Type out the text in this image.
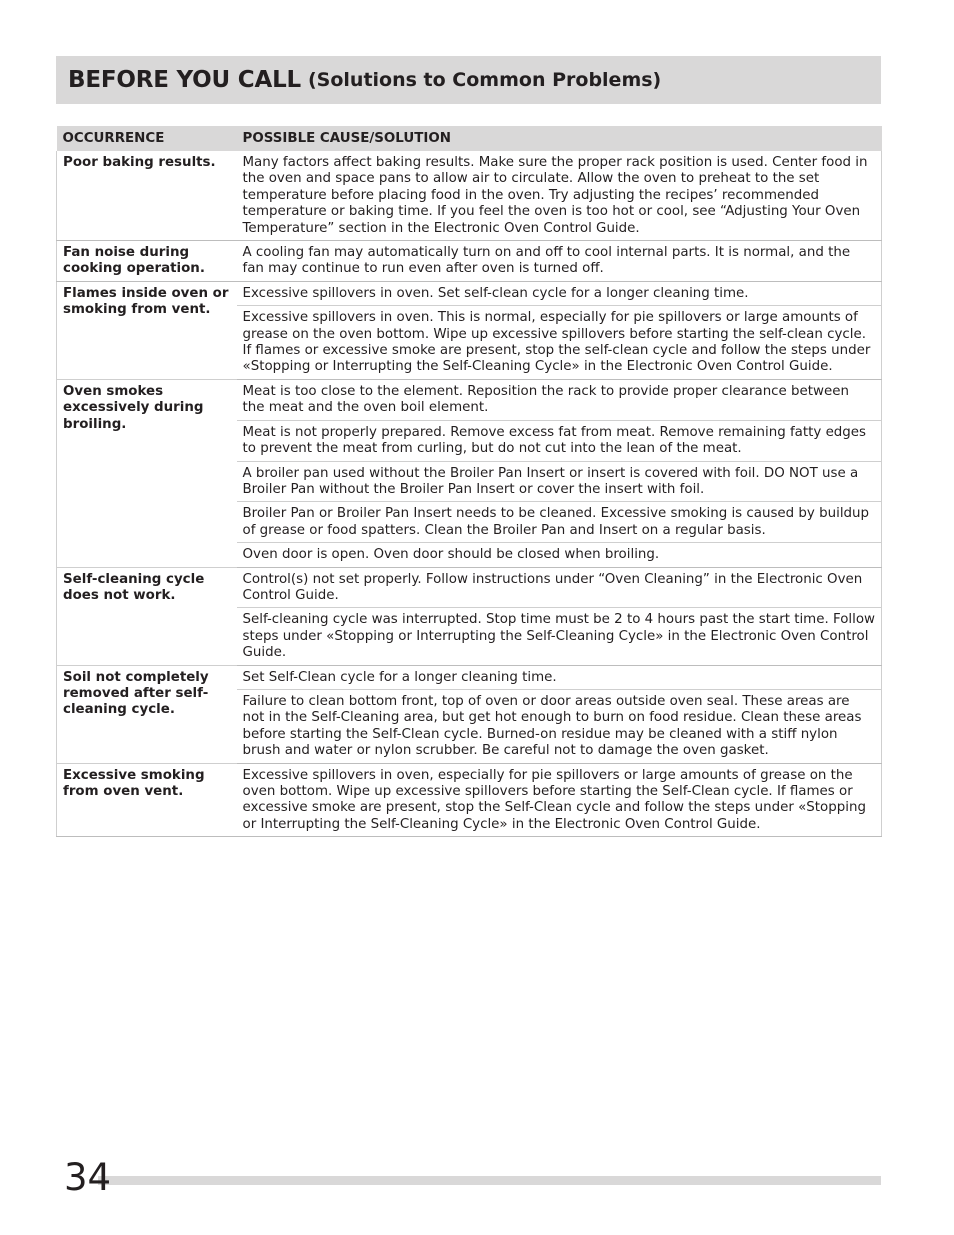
BEFORE YOU CALL (Solutions to Common Problems)
OCCURRENCE	POSSIBLE CAUSE/SOLUTION
Poor baking results.	Many factors affect baking results. Make sure the proper rack position is used. Center food in the oven and space pans to allow air to circulate. Allow the oven to preheat to the set temperature before placing food in the oven. Try adjusting the recipes’ recommended temperature or baking time. If you feel the oven is too hot or cool, see “Adjusting Your Oven Temperature” section in the Electronic Oven Control Guide.
Fan noise during cooking operation.	A cooling fan may automatically turn on and off to cool internal parts. It is normal, and the fan may continue to run even after oven is turned off.
Flames inside oven or smoking from vent.	Excessive spillovers in oven. Set self-clean cycle for a longer cleaning time.
	Excessive spillovers in oven. This is normal, especially for pie spillovers or large amounts of grease on the oven bottom. Wipe up excessive spillovers before starting the self-clean cycle. If flames or excessive smoke are present, stop the self-clean cycle and follow the steps under «Stopping or Interrupting the Self-Cleaning Cycle» in the Electronic Oven Control Guide.
Oven smokes excessively during broiling.	Meat is too close to the element. Reposition the rack to provide proper clearance between the meat and the oven boil element.
	Meat is not properly prepared. Remove excess fat from meat. Remove remaining fatty edges to prevent the meat from curling, but do not cut into the lean of the meat.
	A broiler pan used without the Broiler Pan Insert or insert is covered with foil. DO NOT use a Broiler Pan without the Broiler Pan Insert or cover the insert with foil.
	Broiler Pan or Broiler Pan Insert needs to be cleaned. Excessive smoking is caused by buildup of grease or food spatters. Clean the Broiler Pan and Insert on a regular basis.
	Oven door is open. Oven door should be closed when broiling.
Self-cleaning cycle does not work.	Control(s) not set properly. Follow instructions under “Oven Cleaning” in the Electronic Oven Control Guide.
	Self-cleaning cycle was interrupted. Stop time must be 2 to 4 hours past the start time. Follow steps under «Stopping or Interrupting the Self-Cleaning Cycle» in the Electronic Oven Control Guide.
Soil not completely removed after self-cleaning cycle.	Set Self-Clean cycle for a longer cleaning time.
	Failure to clean bottom front, top of oven or door areas outside oven seal. These areas are not in the Self-Cleaning area, but get hot enough to burn on food residue. Clean these areas before starting the Self-Clean cycle. Burned-on residue may be cleaned with a stiff nylon brush and water or nylon scrubber. Be careful not to damage the oven gasket.
Excessive smoking from oven vent.	Excessive spillovers in oven, especially for pie spillovers or large amounts of grease on the oven bottom. Wipe up excessive spillovers before starting the Self-Clean cycle. If flames or excessive smoke are present, stop the Self-Clean cycle and follow the steps under «Stopping or Interrupting the Self-Cleaning Cycle» in the Electronic Oven Control Guide.
34
